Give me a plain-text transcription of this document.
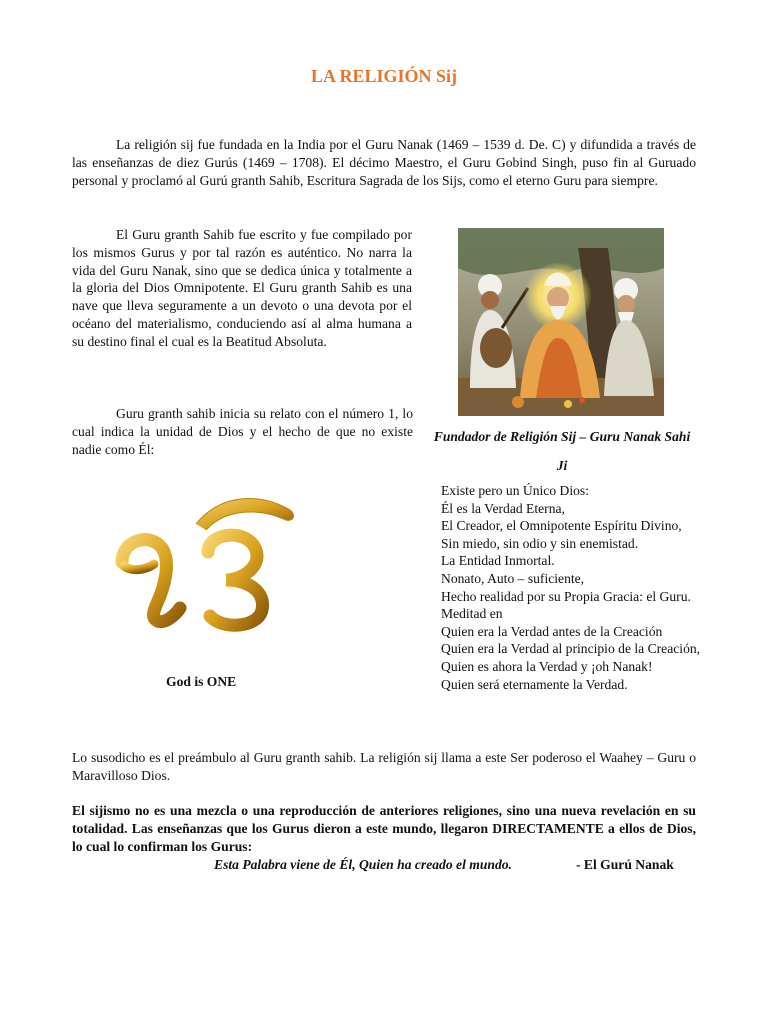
LA RELIGIÓN Sij
La religión sij fue fundada en la India por el Guru Nanak (1469 – 1539 d. De. C) y difundida a través de las enseñanzas de diez Gurús (1469 – 1708). El décimo Maestro, el Guru Gobind Singh, puso fin al Guruado personal y proclamó al Gurú granth Sahib, Escritura Sagrada de los Sijs, como el eterno Guru para siempre.
El Guru granth Sahib fue escrito y fue compilado por los mismos Gurus y por tal razón es auténtico. No narra la vida del Guru Nanak, sino que se dedica única y totalmente a la gloria del Dios Omnipotente. El Guru granth Sahib es una nave que lleva seguramente a un devoto o una devota por el océano del materialismo, conduciendo así al alma humana a su destino final el cual es la Beatitud Absoluta.
Guru granth sahib inicia su relato con el número 1, lo cual indica la unidad de Dios y el hecho de que no existe nadie como Él:
Fundador de Religión Sij – Guru Nanak Sahi Ji
God is ONE
Existe pero un Único Dios:
Él es la Verdad Eterna,
El Creador, el Omnipotente Espíritu Divino,
Sin miedo, sin odio y sin enemistad.
La Entidad Inmortal.
Nonato, Auto – suficiente,
Hecho realidad por su Propia Gracia: el Guru.
Meditad en
Quien era la Verdad antes de la Creación
Quien era la Verdad al principio de la Creación,
Quien es ahora la Verdad y ¡oh Nanak!
Quien será eternamente la Verdad.
Lo susodicho es el preámbulo al Guru granth sahib. La religión sij llama a este Ser poderoso el Waahey – Guru o Maravilloso Dios.
El sijismo no es una mezcla o una reproducción de anteriores religiones, sino una nueva revelación en su totalidad. Las enseñanzas que los Gurus dieron a este mundo, llegaron DIRECTAMENTE a ellos de Dios, lo cual lo confirman los Gurus:
Esta Palabra viene de Él, Quien ha creado el mundo.	- El Gurú Nanak
